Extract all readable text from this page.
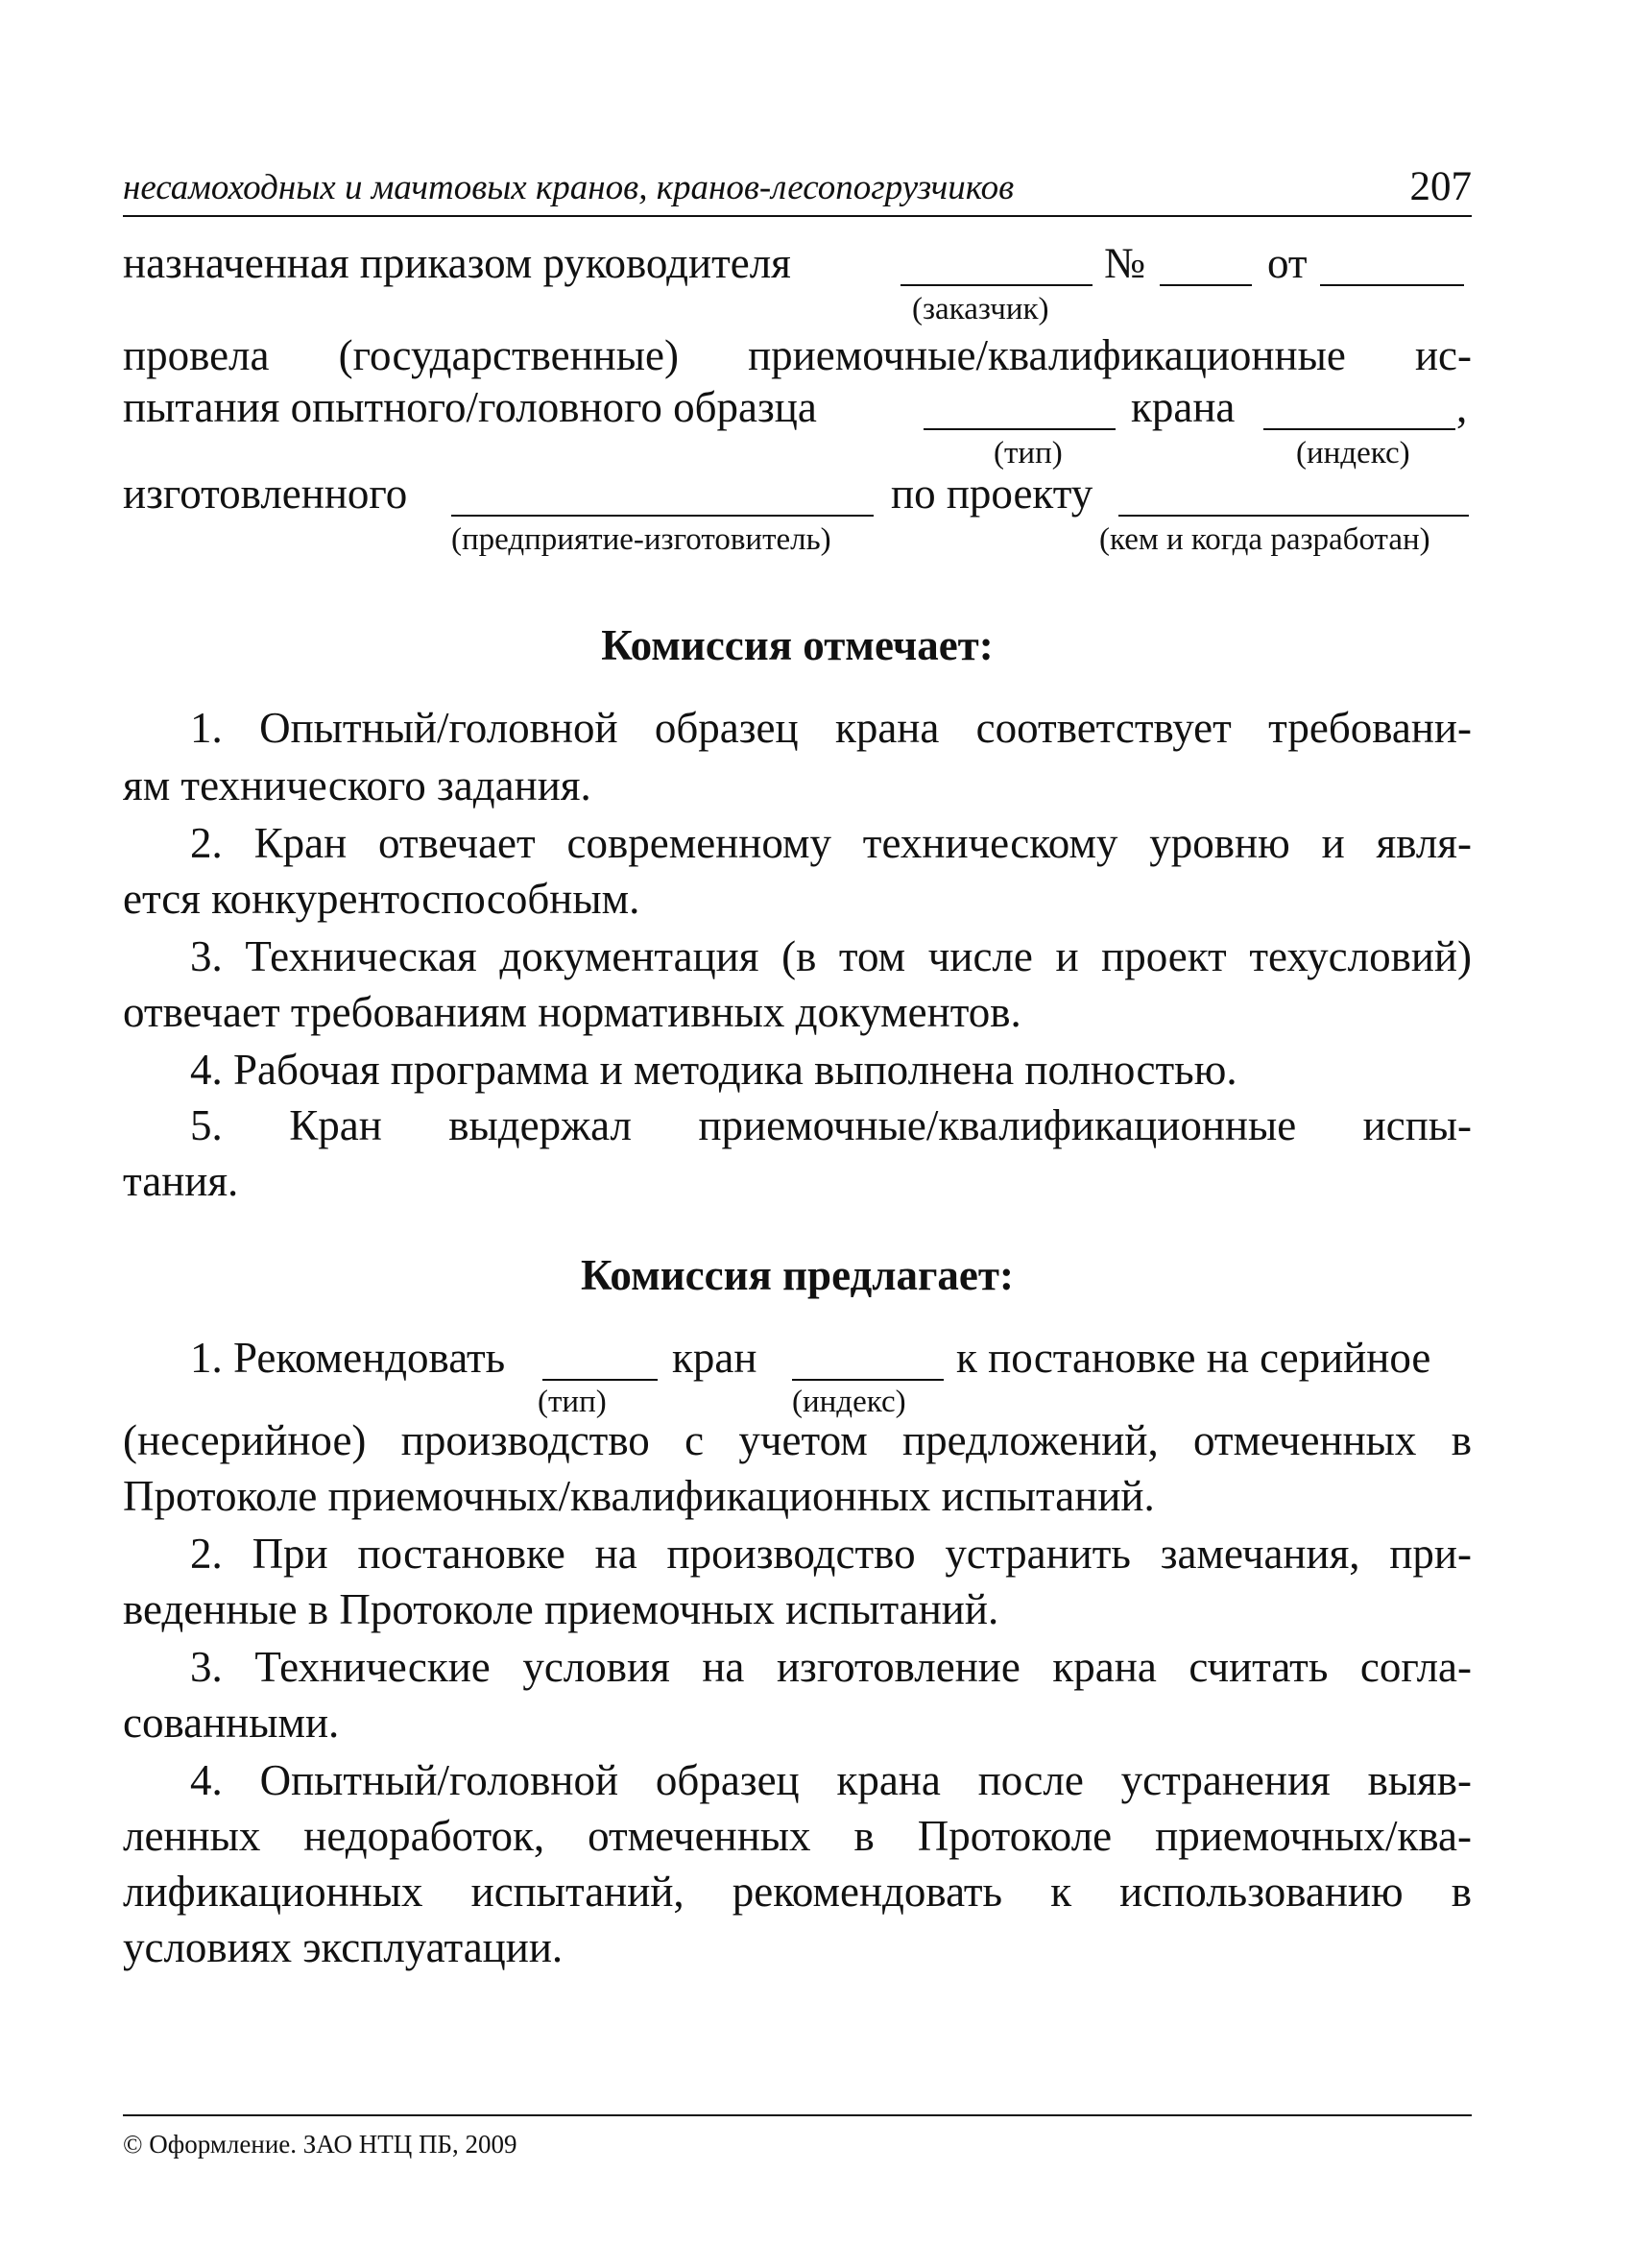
несамоходных и мачтовых кранов, кранов-лесопогрузчиков	207
назначенная приказом руководителя	№	от
(заказчик)
провела (государственные) приемочные/квалификационные ис-
пытания опытного/головного образца	крана	,
(тип)	(индекс)
изготовленного	по проекту
(предприятие-изготовитель)	(кем и когда разработан)
Комиссия отмечает:
1. Опытный/головной образец крана соответствует требовани-
ям технического задания.
2. Кран отвечает современному техническому уровню и явля-
ется конкурентоспособным.
3. Техническая документация (в том числе и проект техусловий)
отвечает требованиям нормативных документов.
4. Рабочая программа и методика выполнена полностью.
5. Кран выдержал приемочные/квалификационные испы-
тания.
Комиссия предлагает:
1. Рекомендовать	кран	к постановке на серийное
(тип)	(индекс)
(несерийное) производство с учетом предложений, отмеченных в
Протоколе приемочных/квалификационных испытаний.
2. При постановке на производство устранить замечания, при-
веденные в Протоколе приемочных испытаний.
3. Технические условия на изготовление крана считать согла-
сованными.
4. Опытный/головной образец крана после устранения выяв-
ленных недоработок, отмеченных в Протоколе приемочных/ква-
лификационных испытаний, рекомендовать к использованию в
условиях эксплуатации.
© Оформление. ЗАО НТЦ ПБ, 2009
